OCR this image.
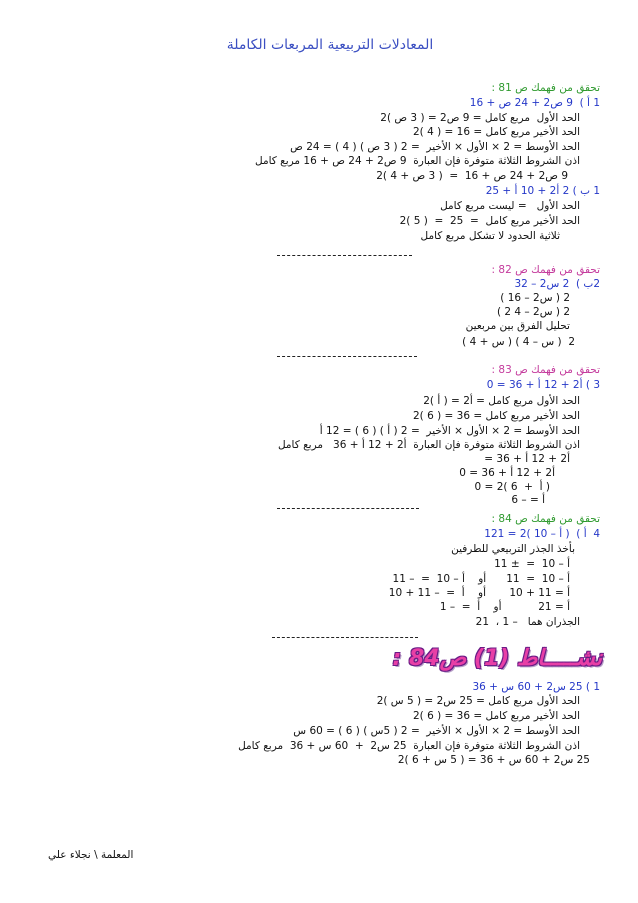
المعادلات التربيعية المربعات الكاملة
تحقق من فهمك ص 81 :
1 أ )  9 ص2 + 24 ص + 16
الحد الأول  مربع كامل = 9 ص2 = ( 3 ص )2
الحد الأخير مربع كامل = 16 = ( 4 )2
الحد الأوسط = 2 × الأول × الأخير  = 2 ( 3 ص ) ( 4 ) = 24 ص
اذن الشروط الثلاثة متوفرة فإن العبارة  9 ص2 + 24 ص + 16 مربع كامل
9 ص2 + 24 ص + 16  =  ( 3 ص + 4 )2
1 ب ) 2 أ2 + 10 أ + 25
الحد الأول   = ليست مربع كامل
الحد الأخير مربع كامل  =  25  =  ( 5 )2
ثلاثية الحدود لا تشكل مربع كامل
تحقق من فهمك ص 82 :
2ب )  2 س2 – 32
2 ( س2 – 16 )
2 ( س2 – 4 2 )
تحليل الفرق بين مربعين
2  ( س – 4 ) ( س + 4 )
تحقق من فهمك ص 83 :
3 ) أ2 + 12 أ + 36 = 0
الحد الأول مربع كامل = أ2 = ( أ )2
الحد الأخير مربع كامل = 36 = ( 6 )2
الحد الأوسط = 2 × الأول × الأخير  = 2 ( أ ) ( 6 ) = 12 أ
اذن الشروط الثلاثة متوفرة فإن العبارة  أ2 + 12 أ + 36   مربع كامل
أ2 + 12 أ + 36 =
أ2 + 12 أ + 36 = 0
( أ  +  6 )2 = 0
أ = – 6
تحقق من فهمك ص 84 :
4  أ )  ( أ – 10 )2 = 121
بأخذ الجذر التربيعي للطرفين
أ – 10  =  ± 11
أ – 10  =  11      أو    أ – 10  =  – 11
أ = 11 + 10       أو    أ  =  – 11 + 10
أ = 21           أو    أ  =  – 1
الجذران هما   – 1 ،  21
نشـــــاط (1) ص84 :
1 ) 25 س2 + 60 س + 36
الحد الأول مربع كامل = 25 س2 = ( 5 س )2
الحد الأخير مربع كامل = 36 = ( 6 )2
الحد الأوسط = 2 × الأول × الأخير  = 2 ( 5س ) ( 6 ) = 60 س
اذن الشروط الثلاثة متوفرة فإن العبارة  25 س2  +  60 س + 36  مربع كامل
25 س2 + 60 س + 36 = ( 5 س + 6 )2
المعلمة \ نجلاء علي
